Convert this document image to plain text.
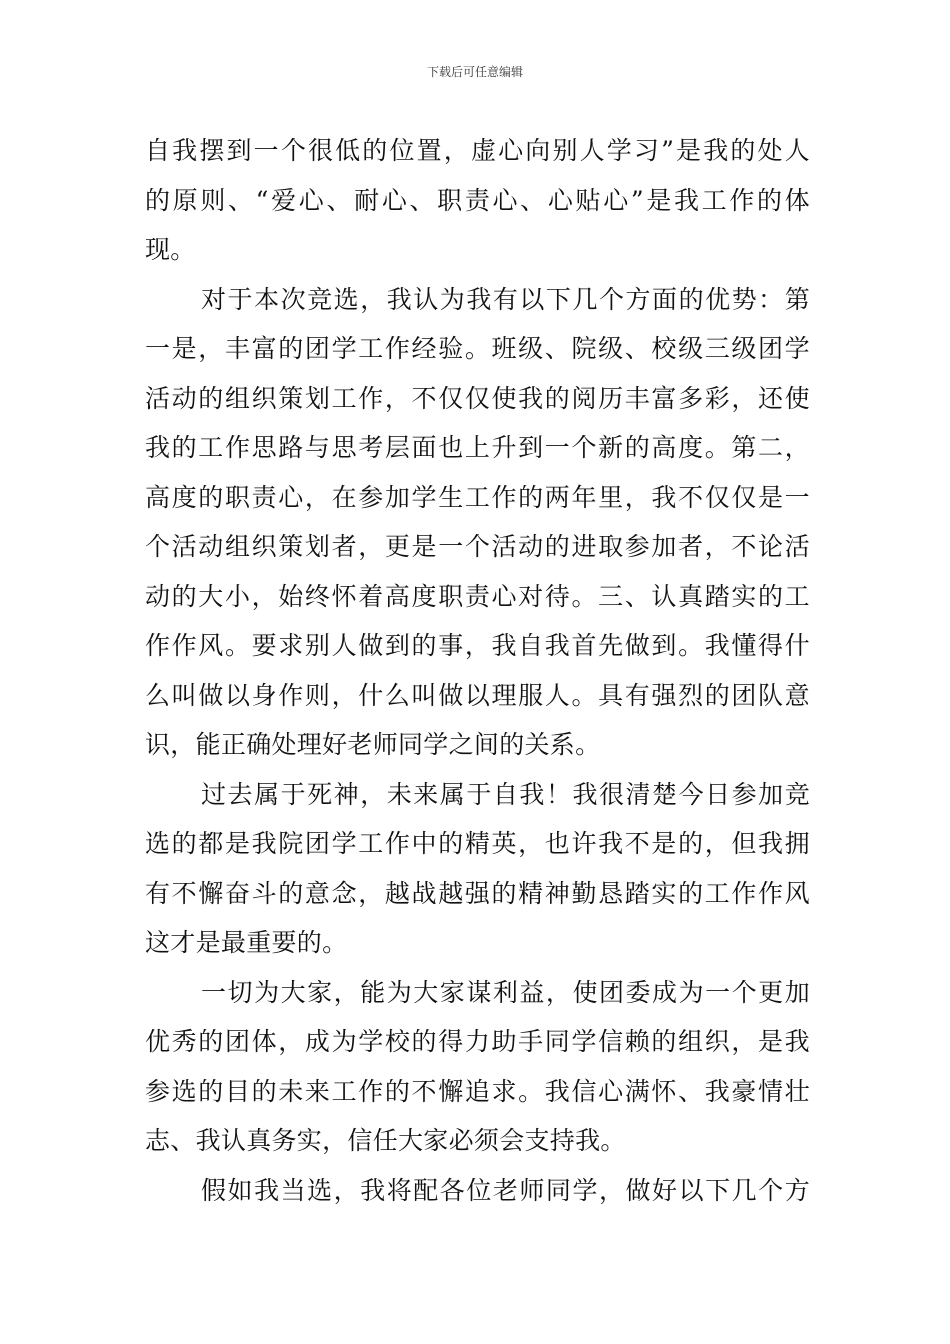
下载后可任意编辑
自我摆到一个很低的位置，虚心向别人学习”是我的处人
的原则、“爱心、耐心、职责心、心贴心”是我工作的体
现。
对于本次竞选，我认为我有以下几个方面的优势：第
一是，丰富的团学工作经验。班级、院级、校级三级团学
活动的组织策划工作，不仅仅使我的阅历丰富多彩，还使
我的工作思路与思考层面也上升到一个新的高度。第二，
高度的职责心，在参加学生工作的两年里，我不仅仅是一
个活动组织策划者，更是一个活动的进取参加者，不论活
动的大小，始终怀着高度职责心对待。三、认真踏实的工
作作风。要求别人做到的事，我自我首先做到。我懂得什
么叫做以身作则，什么叫做以理服人。具有强烈的团队意
识，能正确处理好老师同学之间的关系。
过去属于死神，未来属于自我！我很清楚今日参加竞
选的都是我院团学工作中的精英，也许我不是的，但我拥
有不懈奋斗的意念，越战越强的精神勤恳踏实的工作作风
这才是最重要的。
一切为大家，能为大家谋利益，使团委成为一个更加
优秀的团体，成为学校的得力助手同学信赖的组织，是我
参选的目的未来工作的不懈追求。我信心满怀、我豪情壮
志、我认真务实，信任大家必须会支持我。
假如我当选，我将配各位老师同学，做好以下几个方
